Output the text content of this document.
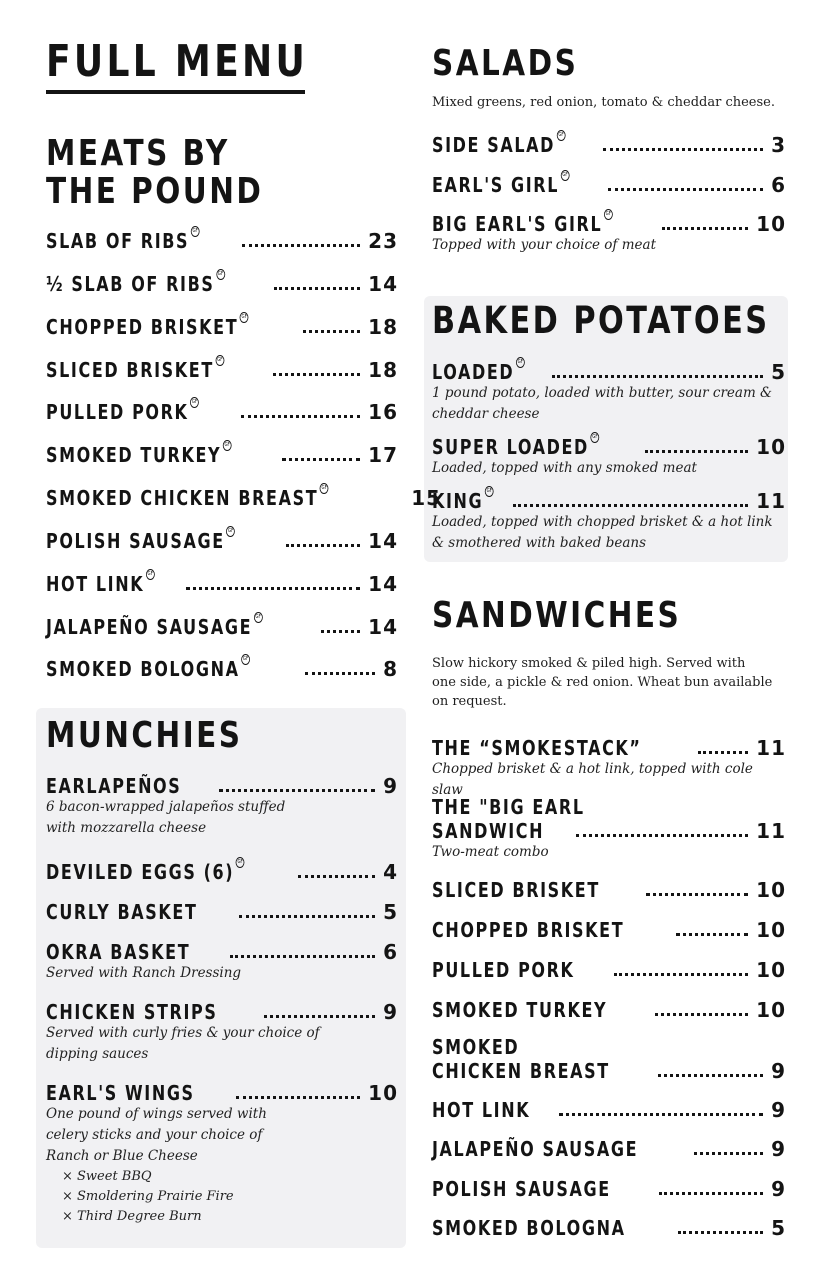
FULL MENU
MEATS BY
THE POUND
SLAB OF RIBS GF	23
½ SLAB OF RIBS GF	14
CHOPPED BRISKET GF	18
SLICED BRISKET GF	18
PULLED PORK GF	16
SMOKED TURKEY GF	17
SMOKED CHICKEN BREAST GF	15
POLISH SAUSAGE GF	14
HOT LINK GF	14
JALAPEÑO SAUSAGE GF	14
SMOKED BOLOGNA GF	8
MUNCHIES
EARLAPEÑOS	9
6 bacon-wrapped jalapeños stuffed
with mozzarella cheese
DEVILED EGGS (6) GF	4
CURLY BASKET	5
OKRA BASKET	6
Served with Ranch Dressing
CHICKEN STRIPS	9
Served with curly fries & your choice of
dipping sauces
EARL'S WINGS	10
One pound of wings served with
celery sticks and your choice of
Ranch or Blue Cheese
× Sweet BBQ
× Smoldering Prairie Fire
× Third Degree Burn
SALADS
Mixed greens, red onion, tomato & cheddar cheese.
SIDE SALAD GF	3
EARL'S GIRL GF	6
BIG EARL'S GIRL GF	10
Topped with your choice of meat
BAKED POTATOES
LOADED GF	5
1 pound potato, loaded with butter, sour cream &
cheddar cheese
SUPER LOADED GF	10
Loaded, topped with any smoked meat
KING GF	11
Loaded, topped with chopped brisket & a hot link
& smothered with baked beans
SANDWICHES
Slow hickory smoked & piled high. Served with
one side, a pickle & red onion. Wheat bun available
on request.
THE “SMOKESTACK”	11
Chopped brisket & a hot link, topped with cole slaw
THE "BIG EARL
SANDWICH	11
Two-meat combo
SLICED BRISKET	10
CHOPPED BRISKET	10
PULLED PORK	10
SMOKED TURKEY	10
SMOKED
CHICKEN BREAST	9
HOT LINK	9
JALAPEÑO SAUSAGE	9
POLISH SAUSAGE	9
SMOKED BOLOGNA	5
